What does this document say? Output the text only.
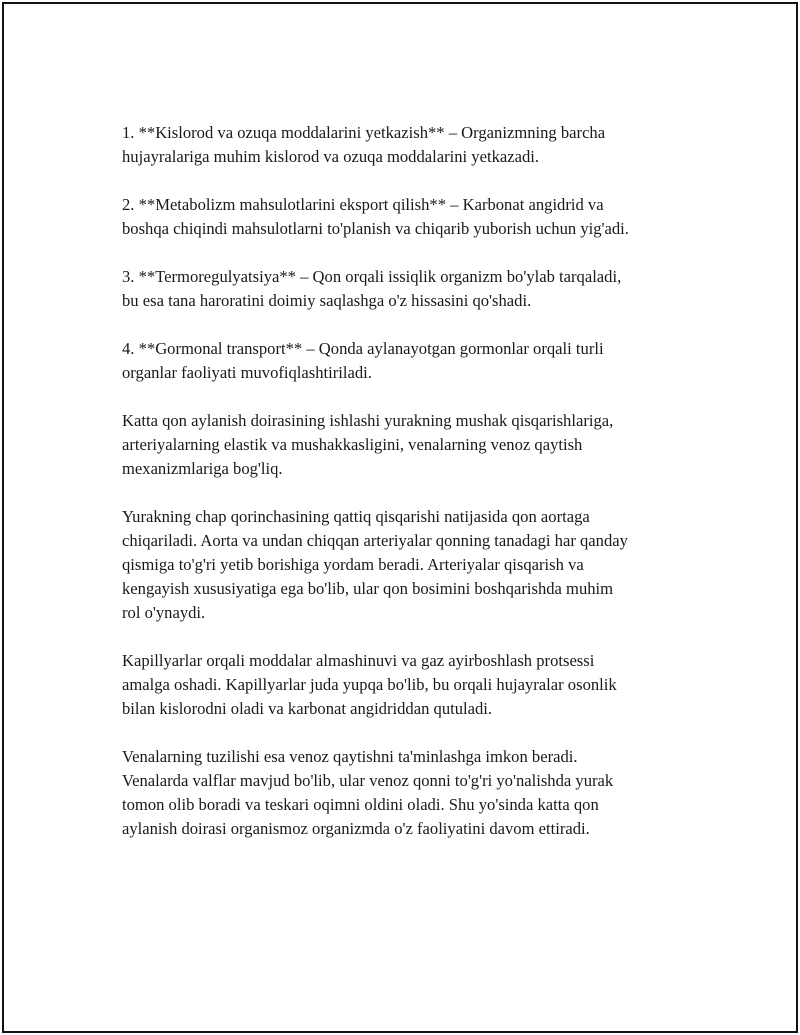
1. **Kislorod va ozuqa moddalarini yetkazish** – Organizmning barcha
hujayralariga muhim kislorod va ozuqa moddalarini yetkazadi.

2. **Metabolizm mahsulotlarini eksport qilish** – Karbonat angidrid va
boshqa chiqindi mahsulotlarni to'planish va chiqarib yuborish uchun yig'adi.

3. **Termoregulyatsiya** – Qon orqali issiqlik organizm bo'ylab tarqaladi,
bu esa tana haroratini doimiy saqlashga o'z hissasini qo'shadi.

4. **Gormonal transport** – Qonda aylanayotgan gormonlar orqali turli
organlar faoliyati muvofiqlashtiriladi.

Katta qon aylanish doirasining ishlashi yurakning mushak qisqarishlariga,
arteriyalarning elastik va mushakkasligini, venalarning venoz qaytish
mexanizmlariga bog'liq.

Yurakning chap qorinchasining qattiq qisqarishi natijasida qon aortaga
chiqariladi. Aorta va undan chiqqan arteriyalar qonning tanadagi har qanday
qismiga to'g'ri yetib borishiga yordam beradi. Arteriyalar qisqarish va
kengayish xususiyatiga ega bo'lib, ular qon bosimini boshqarishda muhim
rol o'ynaydi.

Kapillyarlar orqali moddalar almashinuvi va gaz ayirboshlash protsessi
amalga oshadi. Kapillyarlar juda yupqa bo'lib, bu orqali hujayralar osonlik
bilan kislorodni oladi va karbonat angidriddan qutuladi.

Venalarning tuzilishi esa venoz qaytishni ta'minlashga imkon beradi.
Venalarda valflar mavjud bo'lib, ular venoz qonni to'g'ri yo'nalishda yurak
tomon olib boradi va teskari oqimni oldini oladi. Shu yo'sinda katta qon
aylanish doirasi organismoz organizmda o'z faoliyatini davom ettiradi.
